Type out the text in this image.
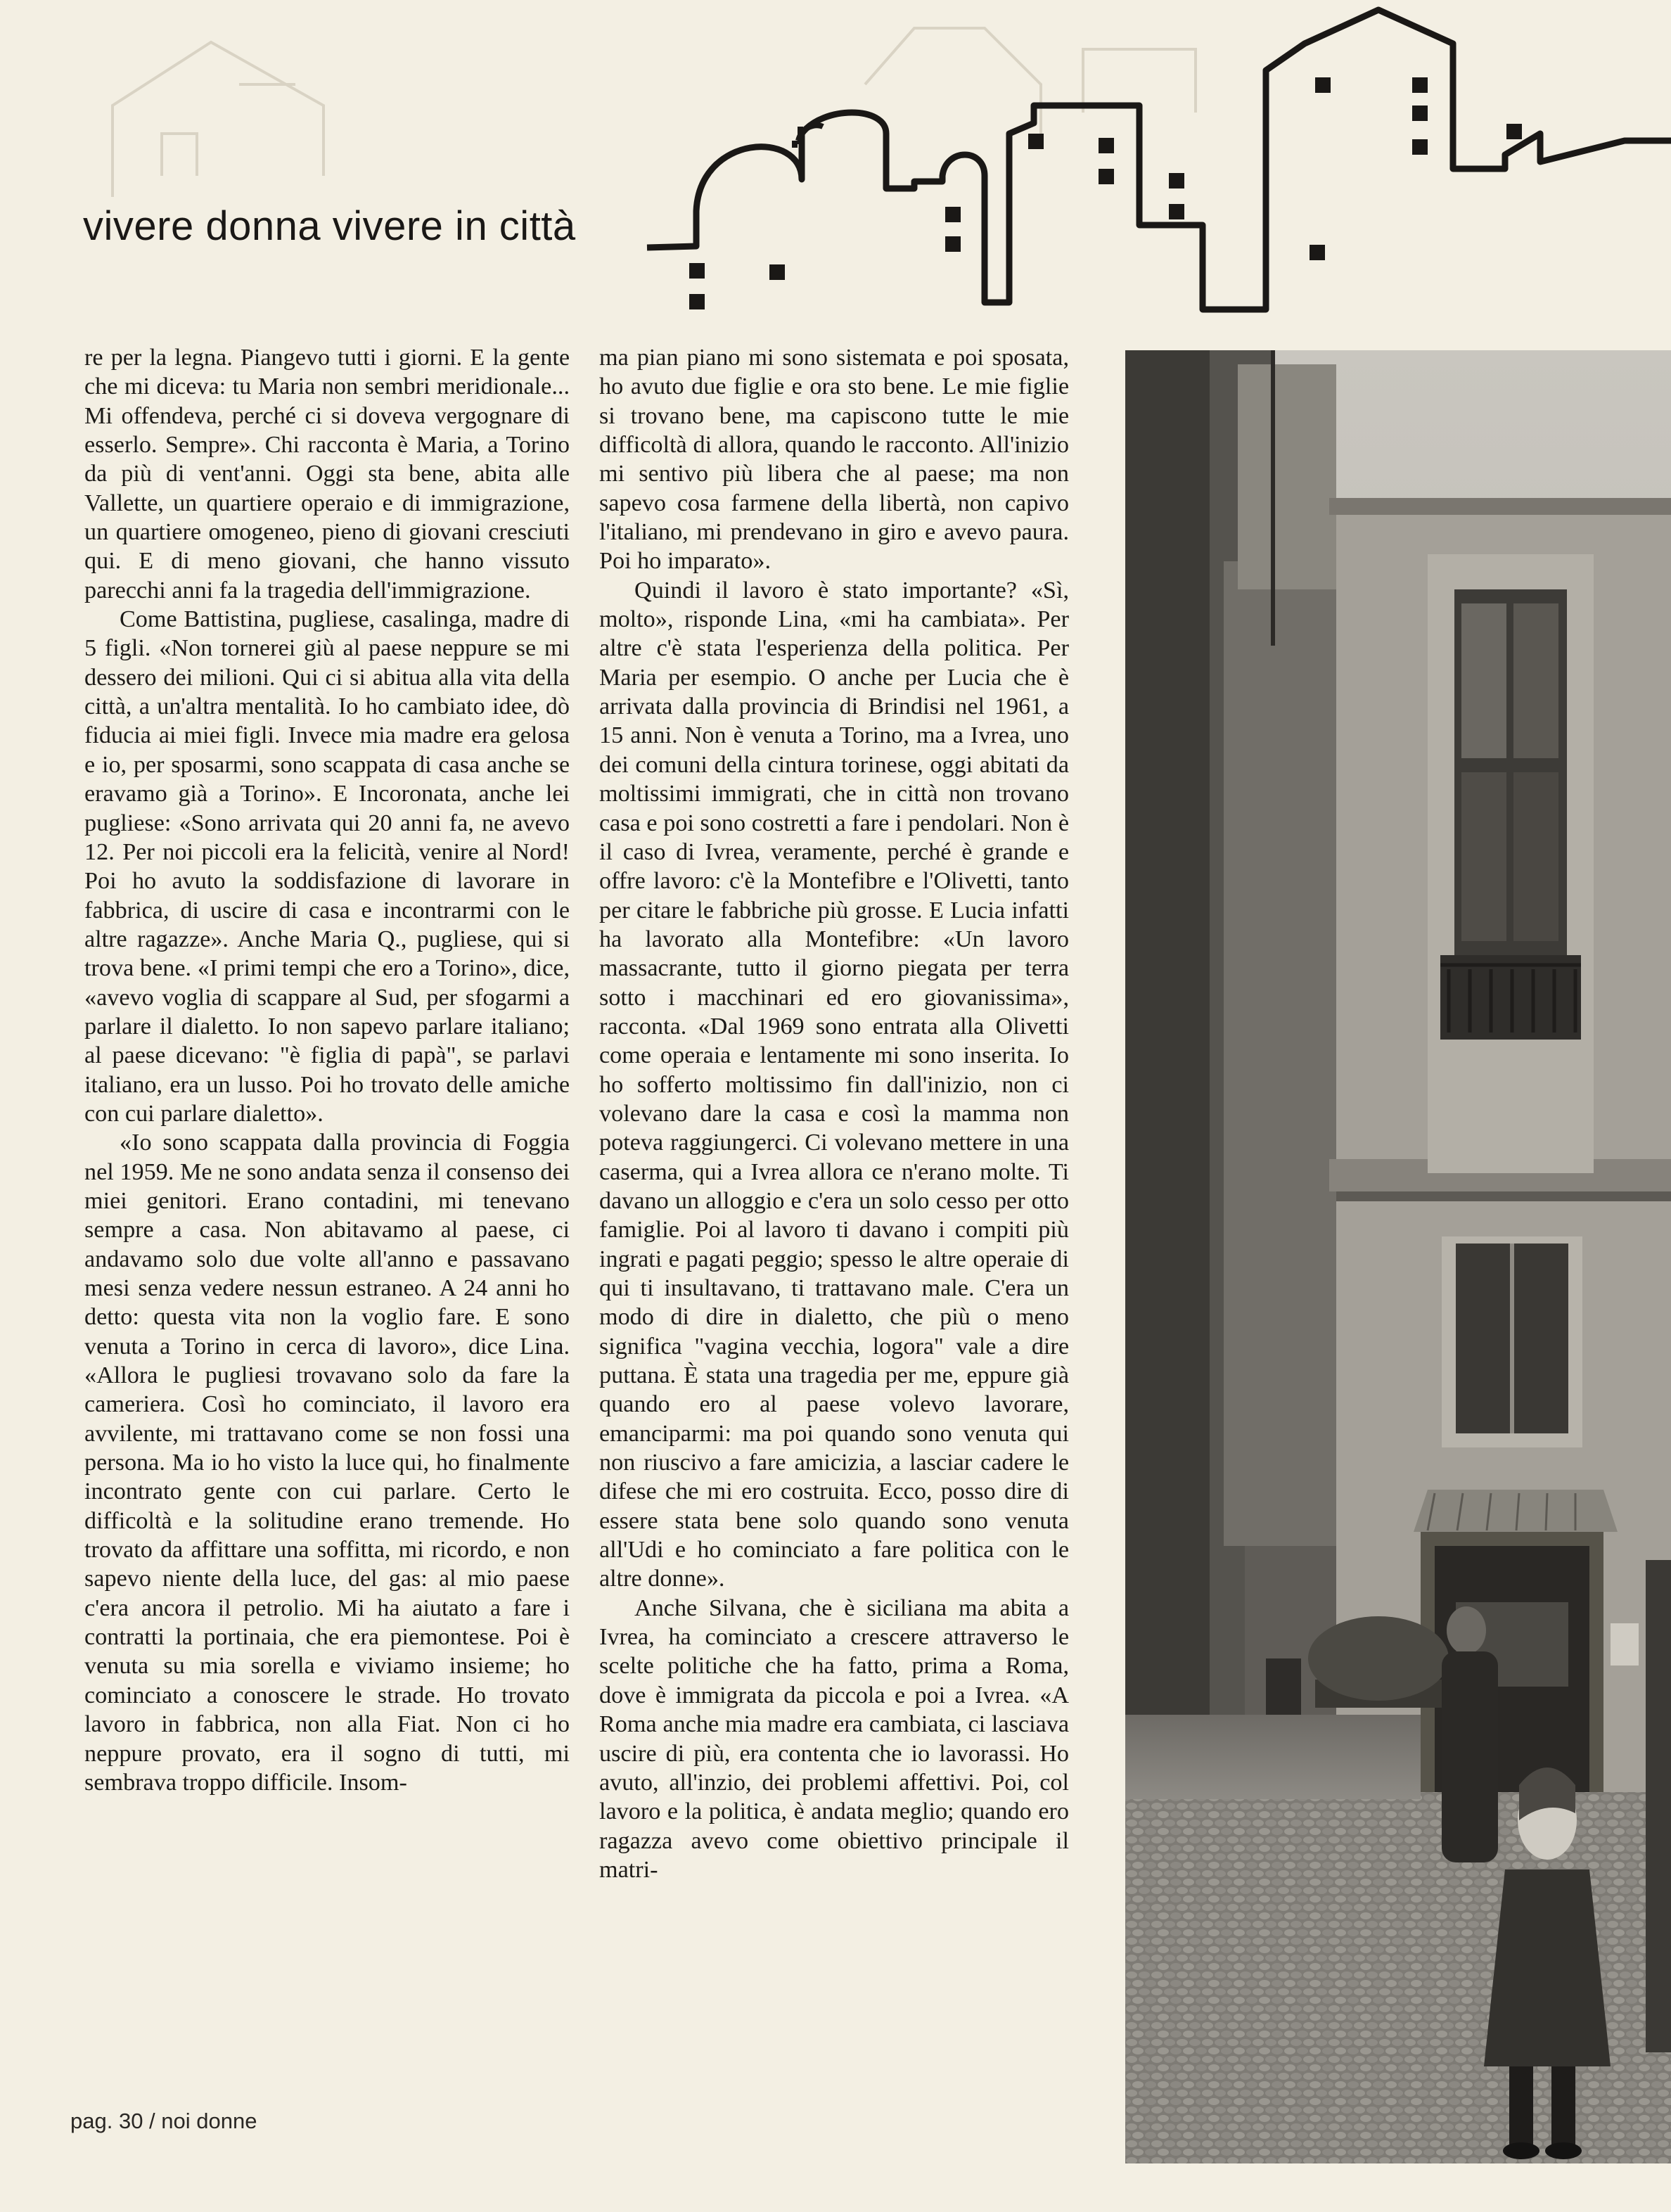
vivere donna vivere in città

re per la legna. Piangevo tutti i giorni. E la gente che mi diceva: tu Maria non sembri meridionale... Mi offendeva, perché ci si doveva vergognare di esserlo. Sempre». Chi racconta è Maria, a Torino da più di vent'anni. Oggi sta bene, abita alle Vallette, un quartiere operaio e di immigrazione, un quartiere omogeneo, pieno di giovani cresciuti qui. E di meno giovani, che hanno vissuto parecchi anni fa la tragedia dell'immigrazione.

Come Battistina, pugliese, casalinga, madre di 5 figli. «Non tornerei giù al paese neppure se mi dessero dei milioni. Qui ci si abitua alla vita della città, a un'altra mentalità. Io ho cambiato idee, dò fiducia ai miei figli. Invece mia madre era gelosa e io, per sposarmi, sono scappata di casa anche se eravamo già a Torino». E Incoronata, anche lei pugliese: «Sono arrivata qui 20 anni fa, ne avevo 12. Per noi piccoli era la felicità, venire al Nord! Poi ho avuto la soddisfazione di lavorare in fabbrica, di uscire di casa e incontrarmi con le altre ragazze». Anche Maria Q., pugliese, qui si trova bene. «I primi tempi che ero a Torino», dice, «avevo voglia di scappare al Sud, per sfogarmi a parlare il dialetto. Io non sapevo parlare italiano; al paese dicevano: "è figlia di papà", se parlavi italiano, era un lusso. Poi ho trovato delle amiche con cui parlare dialetto».

«Io sono scappata dalla provincia di Foggia nel 1959. Me ne sono andata senza il consenso dei miei genitori. Erano contadini, mi tenevano sempre a casa. Non abitavamo al paese, ci andavamo solo due volte all'anno e passavano mesi senza vedere nessun estraneo. A 24 anni ho detto: questa vita non la voglio fare. E sono venuta a Torino in cerca di lavoro», dice Lina. «Allora le pugliesi trovavano solo da fare la cameriera. Così ho cominciato, il lavoro era avvilente, mi trattavano come se non fossi una persona. Ma io ho visto la luce qui, ho finalmente incontrato gente con cui parlare. Certo le difficoltà e la solitudine erano tremende. Ho trovato da affittare una soffitta, mi ricordo, e non sapevo niente della luce, del gas: al mio paese c'era ancora il petrolio. Mi ha aiutato a fare i contratti la portinaia, che era piemontese. Poi è venuta su mia sorella e viviamo insieme; ho cominciato a conoscere le strade. Ho trovato lavoro in fabbrica, non alla Fiat. Non ci ho neppure provato, era il sogno di tutti, mi sembrava troppo difficile. Insom-

ma pian piano mi sono sistemata e poi sposata, ho avuto due figlie e ora sto bene. Le mie figlie si trovano bene, ma capiscono tutte le mie difficoltà di allora, quando le racconto. All'inizio mi sentivo più libera che al paese; ma non sapevo cosa farmene della libertà, non capivo l'italiano, mi prendevano in giro e avevo paura. Poi ho imparato».

Quindi il lavoro è stato importante? «Sì, molto», risponde Lina, «mi ha cambiata». Per altre c'è stata l'esperienza della politica. Per Maria per esempio. O anche per Lucia che è arrivata dalla provincia di Brindisi nel 1961, a 15 anni. Non è venuta a Torino, ma a Ivrea, uno dei comuni della cintura torinese, oggi abitati da moltissimi immigrati, che in città non trovano casa e poi sono costretti a fare i pendolari. Non è il caso di Ivrea, veramente, perché è grande e offre lavoro: c'è la Montefibre e l'Olivetti, tanto per citare le fabbriche più grosse. E Lucia infatti ha lavorato alla Montefibre: «Un lavoro massacrante, tutto il giorno piegata per terra sotto i macchinari ed ero giovanissima», racconta. «Dal 1969 sono entrata alla Olivetti come operaia e lentamente mi sono inserita. Io ho sofferto moltissimo fin dall'inizio, non ci volevano dare la casa e così la mamma non poteva raggiungerci. Ci volevano mettere in una caserma, qui a Ivrea allora ce n'erano molte. Ti davano un alloggio e c'era un solo cesso per otto famiglie. Poi al lavoro ti davano i compiti più ingrati e pagati peggio; spesso le altre operaie di qui ti insultavano, ti trattavano male. C'era un modo di dire in dialetto, che più o meno significa "vagina vecchia, logora" vale a dire puttana. È stata una tragedia per me, eppure già quando ero al paese volevo lavorare, emanciparmi: ma poi quando sono venuta qui non riuscivo a fare amicizia, a lasciar cadere le difese che mi ero costruita. Ecco, posso dire di essere stata bene solo quando sono venuta all'Udi e ho cominciato a fare politica con le altre donne».

Anche Silvana, che è siciliana ma abita a Ivrea, ha cominciato a crescere attraverso le scelte politiche che ha fatto, prima a Roma, dove è immigrata da piccola e poi a Ivrea. «A Roma anche mia madre era cambiata, ci lasciava uscire di più, era contenta che io lavorassi. Ho avuto, all'inzio, dei problemi affettivi. Poi, col lavoro e la politica, è andata meglio; quando ero ragazza avevo come obiettivo principale il matri-

pag. 30 / noi donne
